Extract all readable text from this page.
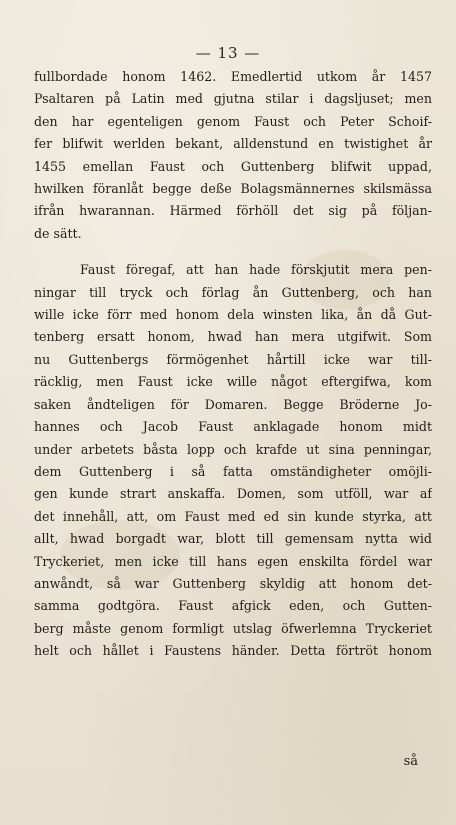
— 13 —
fullbordade honom 1462. Emedlertid utkom år 1457
Psaltaren på Latin med gjutna stilar i dagsljuset; men
den har egenteligen genom Faust och Peter Schoif-
fer blifwit werlden bekant, alldenstund en twistighet år
1455 emellan Faust och Guttenberg blifwit uppad,
hwilken föranlåt begge deße Bolagsmännernes skilsmässa
ifrån hwarannan. Härmed förhöll det sig på följan-
de sätt.
Faust föregaf, att han hade förskjutit mera pen-
ningar till tryck och förlag ån Guttenberg, och han
wille icke förr med honom dela winsten lika, ån då Gut-
tenberg ersatt honom, hwad han mera utgifwit. Som
nu Guttenbergs förmögenhet hårtill icke war till-
räcklig, men Faust icke wille något eftergifwa, kom
saken åndteligen för Domaren. Begge Bröderne Jo-
hannes och Jacob Faust anklagade honom midt
under arbetets båsta lopp och krafde ut sina penningar,
dem Guttenberg i så fatta omständigheter omöjli-
gen kunde strart anskaffa. Domen, som utföll, war af
det innehåll, att, om Faust med ed sin kunde styrka, att
allt, hwad borgadt war, blott till gemensam nytta wid
Tryckeriet, men icke till hans egen enskilta fördel war
anwåndt, så war Guttenberg skyldig att honom det-
samma godtgöra. Faust afgick eden, och Gutten-
berg måste genom formligt utslag öfwerlemna Tryckeriet
helt och hållet i Faustens händer. Detta förtröt honom
så
